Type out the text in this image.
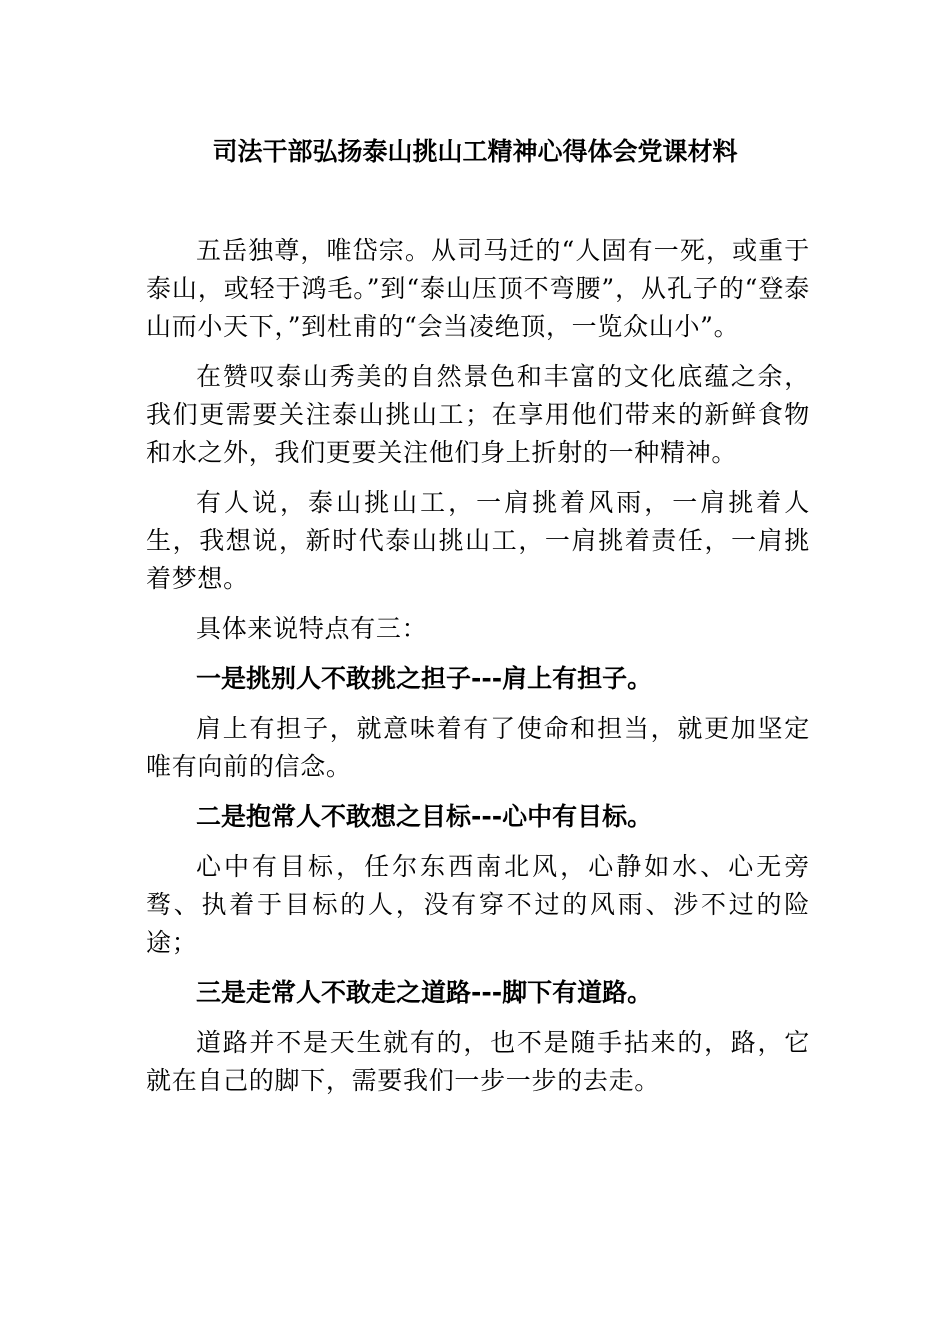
司法干部弘扬泰山挑山工精神心得体会党课材料

五岳独尊，唯岱宗。从司马迁的“人固有一死，或重于泰山，或轻于鸿毛。”到“泰山压顶不弯腰”，从孔子的“登泰山而小天下，”到杜甫的“会当凌绝顶，一览众山小”。

在赞叹泰山秀美的自然景色和丰富的文化底蕴之余，我们更需要关注泰山挑山工；在享用他们带来的新鲜食物和水之外，我们更要关注他们身上折射的一种精神。

有人说，泰山挑山工，一肩挑着风雨，一肩挑着人生，我想说，新时代泰山挑山工，一肩挑着责任，一肩挑着梦想。

具体来说特点有三：

一是挑别人不敢挑之担子---肩上有担子。

肩上有担子，就意味着有了使命和担当，就更加坚定唯有向前的信念。

二是抱常人不敢想之目标---心中有目标。

心中有目标，任尔东西南北风，心静如水、心无旁骛、执着于目标的人，没有穿不过的风雨、涉不过的险途；

三是走常人不敢走之道路---脚下有道路。

道路并不是天生就有的，也不是随手拈来的，路，它就在自己的脚下，需要我们一步一步的去走。
